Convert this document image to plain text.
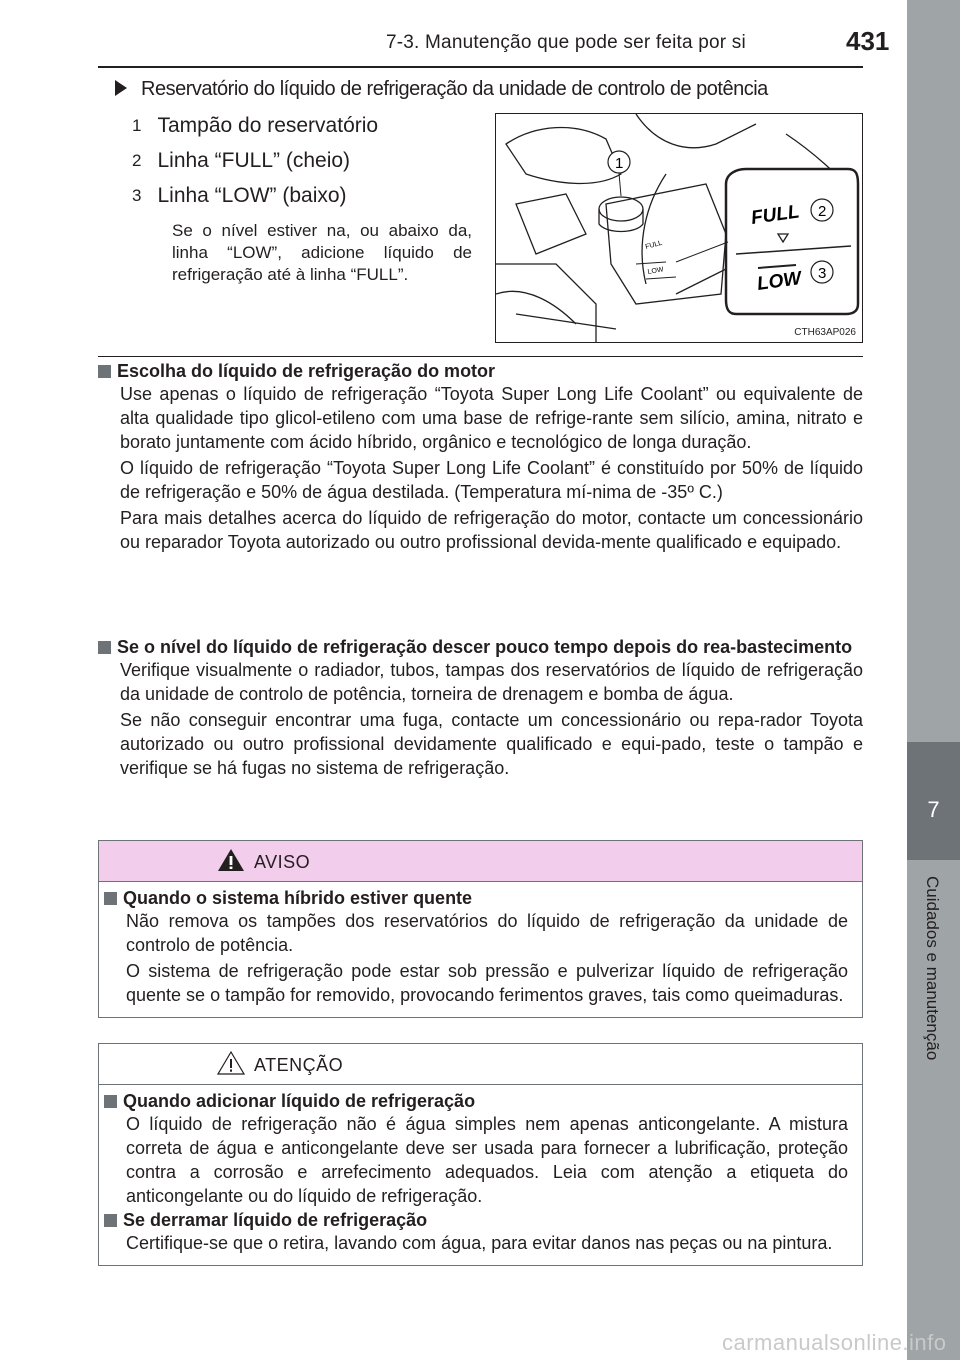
7-3. Manutenção que pode ser feita por si	431
7
Cuidados e manutenção
Reservatório do líquido de refrigeração da unidade de controlo de potência
1 Tampão do reservatório
2 Linha “FULL” (cheio)
3 Linha “LOW” (baixo)
Se o nível estiver na, ou abaixo da, linha “LOW”, adicione líquido de refrigeração até à linha “FULL”.
FULL
LOW
FULL
LOW
1
2
3
CTH63AP026
Escolha do líquido de refrigeração do motor

Use apenas o líquido de refrigeração “Toyota Super Long Life Coolant” ou equivalente de alta qualidade tipo glicol-etileno com uma base de refrige-rante sem silício, amina, nitrato e borato juntamente com ácido híbrido, orgânico e tecnológico de longa duração.

O líquido de refrigeração “Toyota Super Long Life Coolant” é constituído por 50% de líquido de refrigeração e 50% de água destilada. (Temperatura mí-nima de -35º C.)

Para mais detalhes acerca do líquido de refrigeração do motor, contacte um concessionário ou reparador Toyota autorizado ou outro profissional devida-mente qualificado e equipado.

Se o nível do líquido de refrigeração descer pouco tempo depois do rea-bastecimento

Verifique visualmente o radiador, tubos, tampas dos reservatórios de líquido de refrigeração da unidade de controlo de potência, torneira de drenagem e bomba de água.

Se não conseguir encontrar uma fuga, contacte um concessionário ou repa-rador Toyota autorizado ou outro profissional devidamente qualificado e equi-pado, teste o tampão e verifique se há fugas no sistema de refrigeração.

AVISO
Quando o sistema híbrido estiver quente

Não remova os tampões dos reservatórios do líquido de refrigeração da unidade de controlo de potência.

O sistema de refrigeração pode estar sob pressão e pulverizar líquido de refrigeração quente se o tampão for removido, provocando ferimentos graves, tais como queimaduras.

ATENÇÃO
Quando adicionar líquido de refrigeração

O líquido de refrigeração não é água simples nem apenas anticongelante. A mistura correta de água e anticongelante deve ser usada para fornecer a lubrificação, proteção contra a corrosão e arrefecimento adequados. Leia com atenção a etiqueta do anticongelante ou do líquido de refrigeração.

Se derramar líquido de refrigeração

Certifique-se que o retira, lavando com água, para evitar danos nas peças ou na pintura.

carmanualsonline.info
